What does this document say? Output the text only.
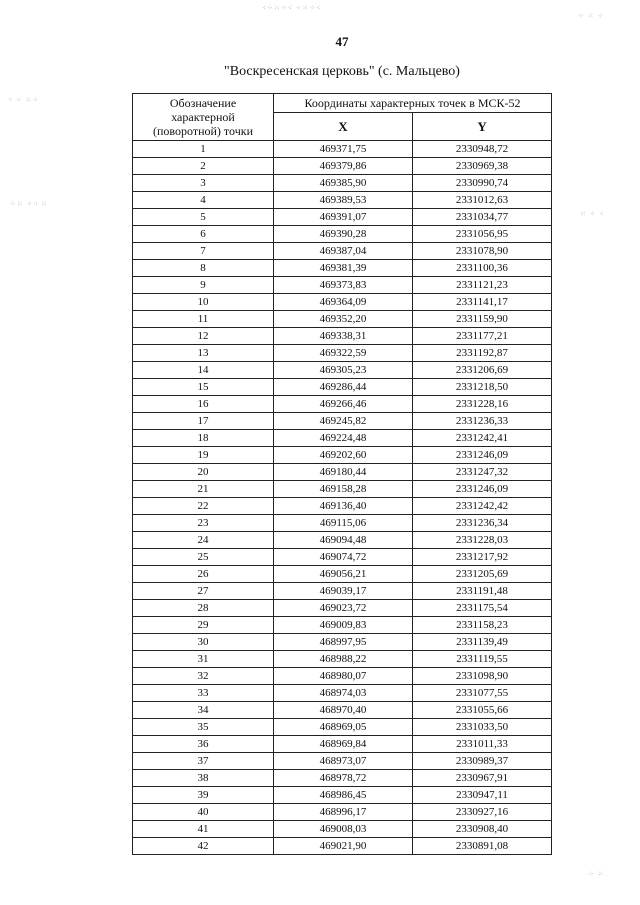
⁖⁘⁙⁘⁖ ⁘⁙⁘⁖
⁘ ⁙ ⁘
⁖ ⁘ ⁙⁘
⁘⁙ ⁘⁖ ⁙
⁙ ⁘ ⁖
⁘ ⁙
47
"Воскресенская церковь" (с. Мальцево)
Обозначение
характерной
(поворотной) точки	Координаты характерных точек в МСК-52	
	X	Y
1	469371,75	2330948,72
2	469379,86	2330969,38
3	469385,90	2330990,74
4	469389,53	2331012,63
5	469391,07	2331034,77
6	469390,28	2331056,95
7	469387,04	2331078,90
8	469381,39	2331100,36
9	469373,83	2331121,23
10	469364,09	2331141,17
11	469352,20	2331159,90
12	469338,31	2331177,21
13	469322,59	2331192,87
14	469305,23	2331206,69
15	469286,44	2331218,50
16	469266,46	2331228,16
17	469245,82	2331236,33
18	469224,48	2331242,41
19	469202,60	2331246,09
20	469180,44	2331247,32
21	469158,28	2331246,09
22	469136,40	2331242,42
23	469115,06	2331236,34
24	469094,48	2331228,03
25	469074,72	2331217,92
26	469056,21	2331205,69
27	469039,17	2331191,48
28	469023,72	2331175,54
29	469009,83	2331158,23
30	468997,95	2331139,49
31	468988,22	2331119,55
32	468980,07	2331098,90
33	468974,03	2331077,55
34	468970,40	2331055,66
35	468969,05	2331033,50
36	468969,84	2331011,33
37	468973,07	2330989,37
38	468978,72	2330967,91
39	468986,45	2330947,11
40	468996,17	2330927,16
41	469008,03	2330908,40
42	469021,90	2330891,08
